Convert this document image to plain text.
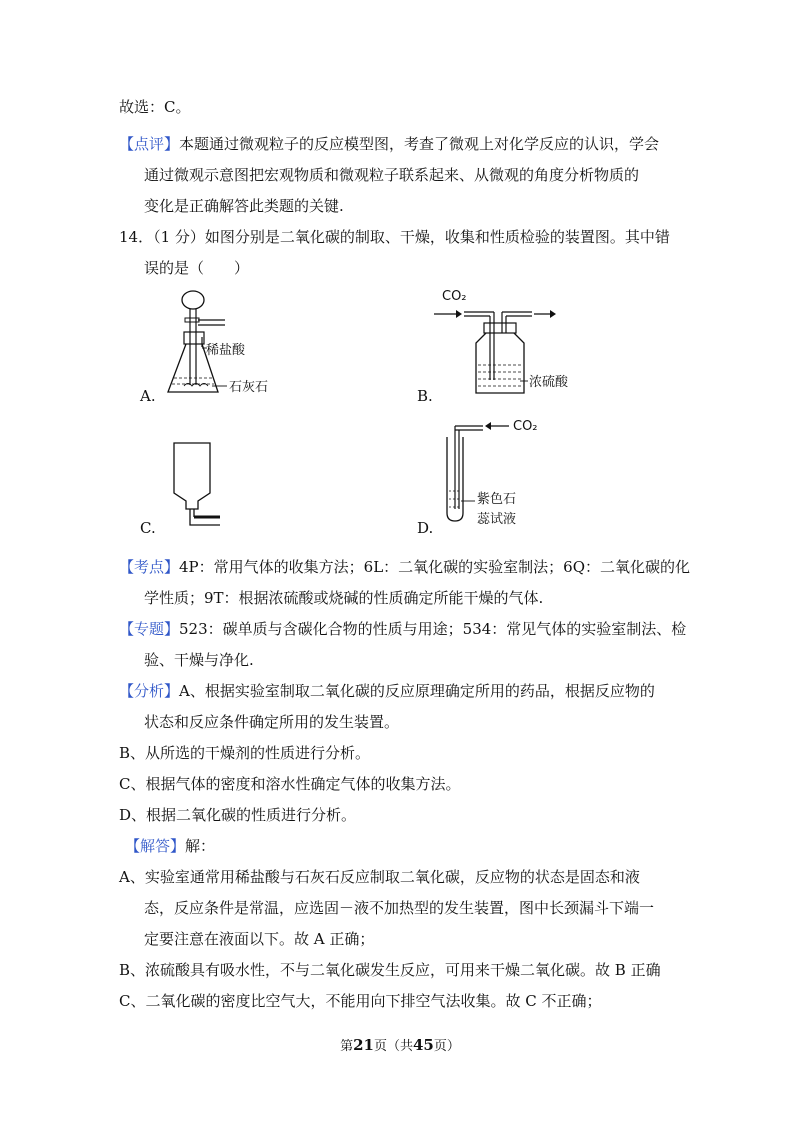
故选：C。
【点评】本题通过微观粒子的反应模型图，考查了微观上对化学反应的认识，学会
通过微观示意图把宏观物质和微观粒子联系起来、从微观的角度分析物质的
变化是正确解答此类题的关键.
14．（1 分）如图分别是二氧化碳的制取、干燥，收集和性质检验的装置图。其中错
误的是（　　）
A.
稀盐酸
石灰石	B.
CO₂
浓硫酸
C.	D.
CO₂
紫色石
蕊试液
【考点】4P：常用气体的收集方法；6L：二氧化碳的实验室制法；6Q：二氧化碳的化
学性质；9T：根据浓硫酸或烧碱的性质确定所能干燥的气体.
【专题】523：碳单质与含碳化合物的性质与用途；534：常见气体的实验室制法、检
验、干燥与净化.
【分析】A、根据实验室制取二氧化碳的反应原理确定所用的药品，根据反应物的
状态和反应条件确定所用的发生装置。
B、从所选的干燥剂的性质进行分析。
C、根据气体的密度和溶水性确定气体的收集方法。
D、根据二氧化碳的性质进行分析。
【解答】解：
A、实验室通常用稀盐酸与石灰石反应制取二氧化碳，反应物的状态是固态和液
态，反应条件是常温，应选固－液不加热型的发生装置，图中长颈漏斗下端一
定要注意在液面以下。故 A 正确；
B、浓硫酸具有吸水性，不与二氧化碳发生反应，可用来干燥二氧化碳。故 B 正确
C、二氧化碳的密度比空气大，不能用向下排空气法收集。故 C 不正确；
第21页（共45页）
